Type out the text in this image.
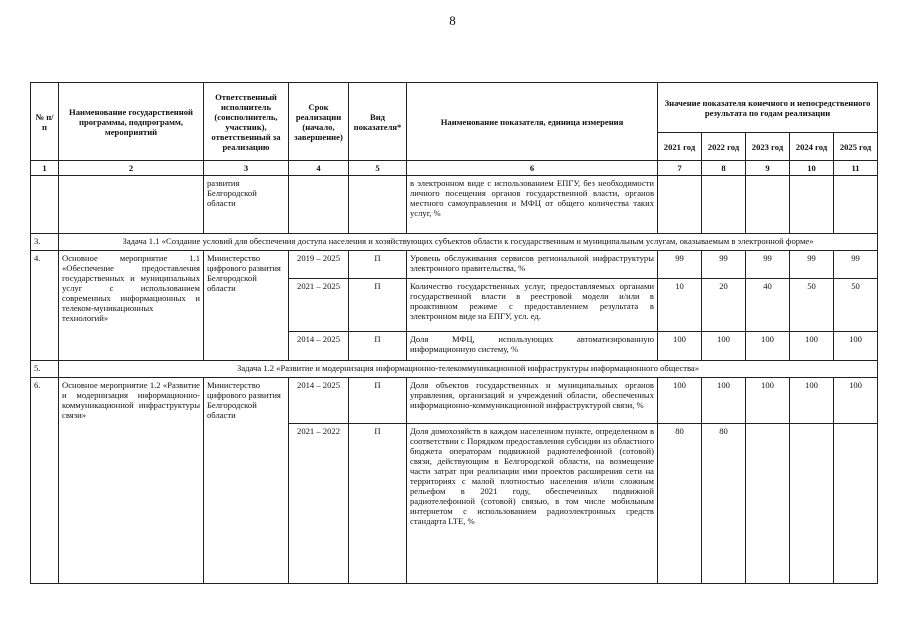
8
№ п/п	Наименование государственной программы, подпрограмм, мероприятий	Ответственный исполнитель (соисполнитель, участник), ответственный за реализацию	Срок реализации (начало, завершение)	Вид показателя*	Наименование показателя, единица измерения	Значение показателя конечного и непосредственного результата по годам реализации				
						2021 год	2022 год	2023 год	2024 год	2025 год
1	2	3	4	5	6	7	8	9	10	11
		развития Белгородской области			в электронном виде с использованием ЕПГУ, без необходимости личного посещения органов государственной власти, органов местного самоуправления и МФЦ от общего количества таких услуг, %					
3.	Задача 1.1 «Создание условий для обеспечения доступа населения и хозяйствующих субъектов области к государственным и муниципальным услугам, оказываемым в электронной форме»									
4.	Основное мероприятие 1.1 «Обеспечение предоставления государственных и муниципальных услуг с использованием современных информационных и телеком-муникационных технологий»	Министерство цифрового развития Белгородской области	2019 – 2025	П	Уровень обслуживания сервисов региональной инфраструктуры электронного правительства, %	99	99	99	99	99
			2021 – 2025	П	Количество государственных услуг, предоставляемых органами государственной власти в реестровой модели и/или в проактивном режиме с предоставлением результата в электронном виде на ЕПГУ, усл. ед.	10	20	40	50	50
			2014 – 2025	П	Доля МФЦ, использующих автоматизированную информационную систему, %	100	100	100	100	100
5.	Задача 1.2 «Развитие и модернизация информационно-телекоммуникационной инфраструктуры информационного общества»									
6.	Основное мероприятие 1.2 «Развитие и модернизация информационно-коммуникационной инфраструктуры связи»	Министерство цифрового развития Белгородской области	2014 – 2025	П	Доля объектов государственных и муниципальных органов управления, организаций и учреждений области, обеспеченных информационно-коммуникационной инфраструктурой связи, %	100	100	100	100	100
			2021 – 2022	П	Доля домохозяйств в каждом населенном пункте, определенном в соответствии с Порядком предоставления субсидии из областного бюджета операторам подвижной радиотелефонной (сотовой) связи, действующим в Белгородской области, на возмещение части затрат при реализации ими проектов расширения сети на территориях с малой плотностью населения и/или сложным рельефом в 2021 году, обеспеченных подвижной радиотелефонной (сотовой) связью, в том числе мобильным интернетом с использованием радиоэлектронных средств стандарта LTE, %	80	80			
